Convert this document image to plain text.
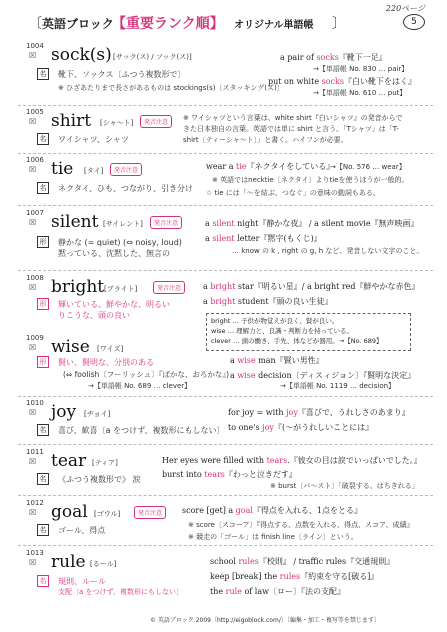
220ページ
〔 英語ブロック
【重要ランク順】 オリジナル単語帳 〕	5
1004
☒ sock(s) [サック(ス) / ソック(ス)]
名	靴下、ソックス〔ふつう複数形で〕
※ ひざあたりまで長さがあるものは stockings(s)〔スタッキング(ズ)〕
a pair of socks『靴下一足』
→【単語帳 No. 830 … pair】
put on white socks『白い靴下をはく』
→【単語帳 No. 610 … put】
1005
☒ shirt [シャ〜ト]	発音注意
名	ワイシャツ、シャツ
※ ワイシャツという言葉は、white shirt『白いシャツ』の発音からできた日本独自の言葉。英語では単に shirt と言う。「Tシャツ」は「T-shirt〔ティーシャ〜ト〕」と書く。ハイフンが必要。
1006
☒ tie [タイ]	発音注意
名	ネクタイ、ひも、つながり、引き分け
wear a tie『ネクタイをしている』
→【No. 576 … wear】
※ 英語ではnecktie〔ネクタイ〕よりtieを使うほうが一般的。
☆ tie には「〜を結ぶ、つなぐ」の意味の動詞もある。
1007
☒ silent [サイレント]	発音注意
形	静かな (= quiet) (⇔ noisy, loud)
黙っている、沈黙した、無言の
a silent night『静かな夜』 / a silent movie『無声映画』
a silent letter『黙字(もくじ)』
… know の k , right の g, h など、発音しない文字のこと。
1008
☒ bright [ブライト]	発音注意
形	輝いている、鮮やかな、明るい
りこうな、頭の良い
a bright star『明るい星』/ a bright red『鮮やかな赤色』
a bright student『頭の良い生徒』
bright … 子供が物覚えが良く、賢が良い。
wise … 理解力と、良識・判断力を持っている。
clever … 頭の働き、手先、体などが器用。→【No. 689】
1009
☒ wise [ワイズ]
形	賢い、賢明な、分別のある
(⇔ foolish〔フーリッシュ〕『ばかな、おろかな』)
→【単語帳 No. 689 … clever】
a wise man『賢い男性』
a wise decision〔ディスィジョン〕『賢明な決定』
→【単語帳 No. 1119 … decision】
1010
☒ joy [ヂョイ]
名	喜び、歓喜〔a をつけず、複数形にもしない〕
for joy = with joy『喜びで、うれしさのあまり』
to one's joy『(〜がうれしいことには』
1011
☒ tear [ティア]
名	《ふつう複数形で》 涙
Her eyes were filled with tears.『彼女の目は涙でいっぱいでした。』
burst into tears『わっと泣きだす』
※ burst〔バ〜スト〕「破裂する、はちきれる」
1012
☒ goal [ゴウル]	発音注意
名	ゴール、得点
score [get] a goal『得点を入れる、1点をとる』
※ score〔スコーア〕『得点する、点数を入れる、得点、スコア、成績』
※ 競走の「ゴール」は finish line〔ライン〕という。
1013
☒ rule [るール]
名	規則、ルール
支配〔a をつけず、複数形にもしない〕
school rules『校則』 / traffic rules『交通規則』
keep [break] the rules『約束を守る[破る]』
the rule of law〔ロー〕『法の支配』
© 英語ブロック 2009〔http://eigoblock.com/〕〔編集・加工・複写等を禁じます〕
